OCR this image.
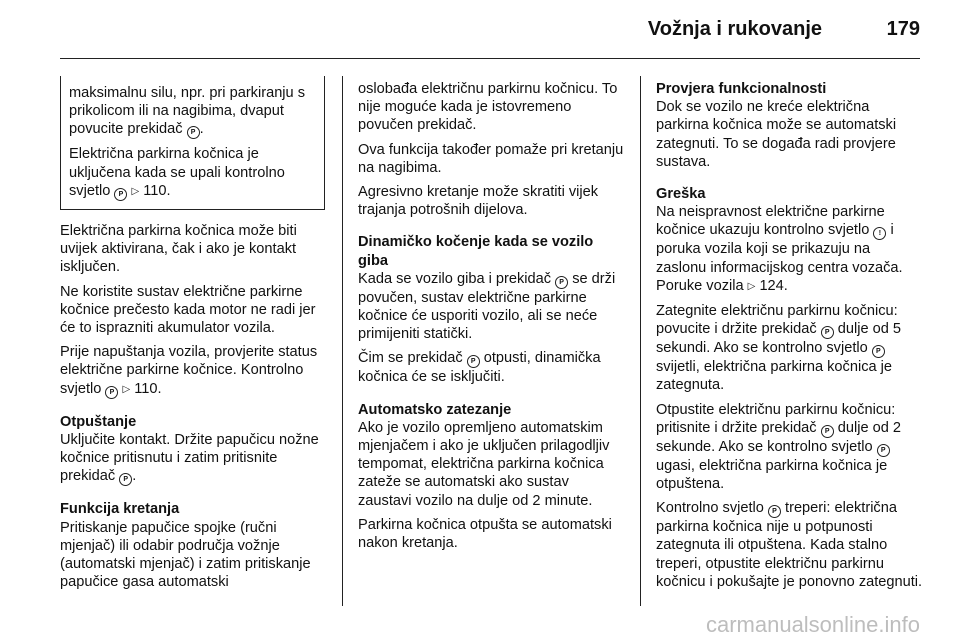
Vožnja i rukovanje	179

maksimalnu silu, npr. pri parkiranju s prikolicom ili na nagibima, dvaput povucite prekidač P .

Električna parkirna kočnica je uključena kada se upali kontrolno svjetlo P ▷ 110.

Električna parkirna kočnica može biti uvijek aktivirana, čak i ako je kontakt isključen.

Ne koristite sustav električne parkirne kočnice prečesto kada motor ne radi jer će to isprazniti akumulator vozila.

Prije napuštanja vozila, provjerite status električne parkirne kočnice. Kontrolno svjetlo P ▷ 110.

Otpuštanje

Uključite kontakt. Držite papučicu nožne kočnice pritisnutu i zatim pritisnite prekidač P .

Funkcija kretanja

Pritiskanje papučice spojke (ručni mjenjač) ili odabir područja vožnje (automatski mjenjač) i zatim pritiskanje papučice gasa automatski

oslobađa električnu parkirnu kočnicu. To nije moguće kada je istovremeno povučen prekidač.

Ova funkcija također pomaže pri kretanju na nagibima.

Agresivno kretanje može skratiti vijek trajanja potrošnih dijelova.

Dinamičko kočenje kada se vozilo giba

Kada se vozilo giba i prekidač P se drži povučen, sustav električne parkirne kočnice će usporiti vozilo, ali se neće primijeniti statički.

Čim se prekidač P otpusti, dinamička kočnica će se isključiti.

Automatsko zatezanje

Ako je vozilo opremljeno automatskim mjenjačem i ako je uključen prilagodljiv tempomat, električna parkirna kočnica zateže se automatski ako sustav zaustavi vozilo na dulje od 2 minute.

Parkirna kočnica otpušta se automatski nakon kretanja.

Provjera funkcionalnosti

Dok se vozilo ne kreće električna parkirna kočnica može se automatski zategnuti. To se događa radi provjere sustava.

Greška

Na neispravnost električne parkirne kočnice ukazuju kontrolno svjetlo ! i poruka vozila koji se prikazuju na zaslonu informacijskog centra vozača. Poruke vozila ▷ 124.

Zategnite električnu parkirnu kočnicu: povucite i držite prekidač P dulje od 5 sekundi. Ako se kontrolno svjetlo P svijetli, električna parkirna kočnica je zategnuta.

Otpustite električnu parkirnu kočnicu: pritisnite i držite prekidač P dulje od 2 sekunde. Ako se kontrolno svjetlo P ugasi, električna parkirna kočnica je otpuštena.

Kontrolno svjetlo P treperi: električna parkirna kočnica nije u potpunosti zategnuta ili otpuštena. Kada stalno treperi, otpustite električnu parkirnu kočnicu i pokušajte je ponovno zategnuti.

carmanualsonline.info
